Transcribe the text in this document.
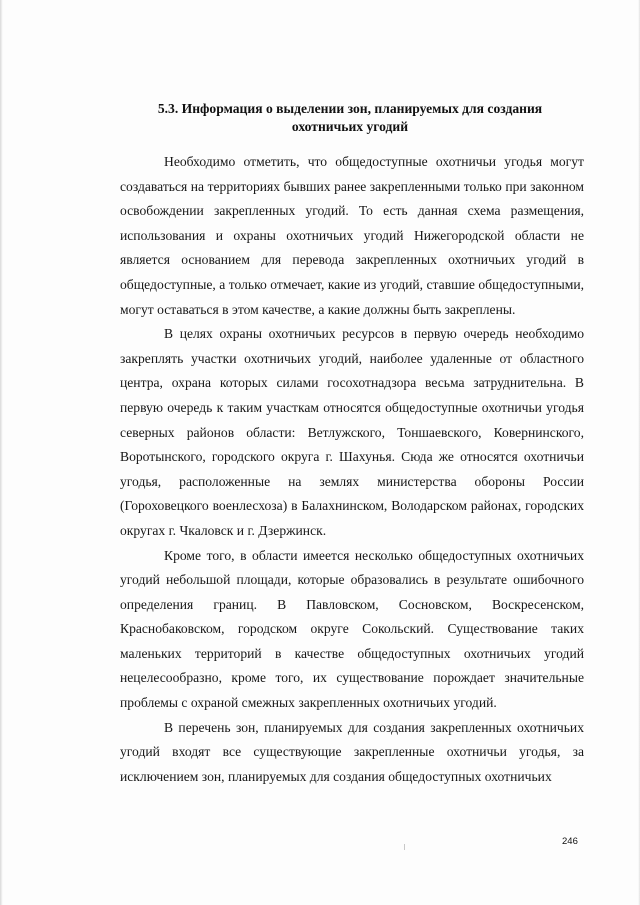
5.3. Информация о выделении зон, планируемых для создания
охотничьих угодий

Необходимо отметить, что общедоступные охотничьи угодья могут создаваться на территориях бывших ранее закрепленными только при законном освобождении закрепленных угодий. То есть данная схема размещения, использования и охраны охотничьих угодий Нижегородской области не является основанием для перевода закрепленных охотничьих угодий в общедоступные, а только отмечает, какие из угодий, ставшие общедоступными, могут оставаться в этом качестве, а какие должны быть закреплены.

В целях охраны охотничьих ресурсов в первую очередь необходимо закреплять участки охотничьих угодий, наиболее удаленные от областного центра, охрана которых силами госохотнадзора весьма затруднительна. В первую очередь к таким участкам относятся общедоступные охотничьи угодья северных районов области: Ветлужского, Тоншаевского, Ковернинского, Воротынского, городского округа г. Шахунья. Сюда же относятся охотничьи угодья, расположенные на землях министерства обороны России (Гороховецкого военлесхоза) в Балахнинском, Володарском районах, городских округах г. Чкаловск и г. Дзержинск.

Кроме того, в области имеется несколько общедоступных охотничьих угодий небольшой площади, которые образовались в результате ошибочного определения границ. В Павловском, Сосновском, Воскресенском, Краснобаковском, городском округе Сокольский. Существование таких маленьких территорий в качестве общедоступных охотничьих угодий нецелесообразно, кроме того, их существование порождает значительные проблемы с охраной смежных закрепленных охотничьих угодий.

В перечень зон, планируемых для создания закрепленных охотничьих угодий входят все существующие закрепленные охотничьи угодья, за исключением зон, планируемых для создания общедоступных охотничьих

246
